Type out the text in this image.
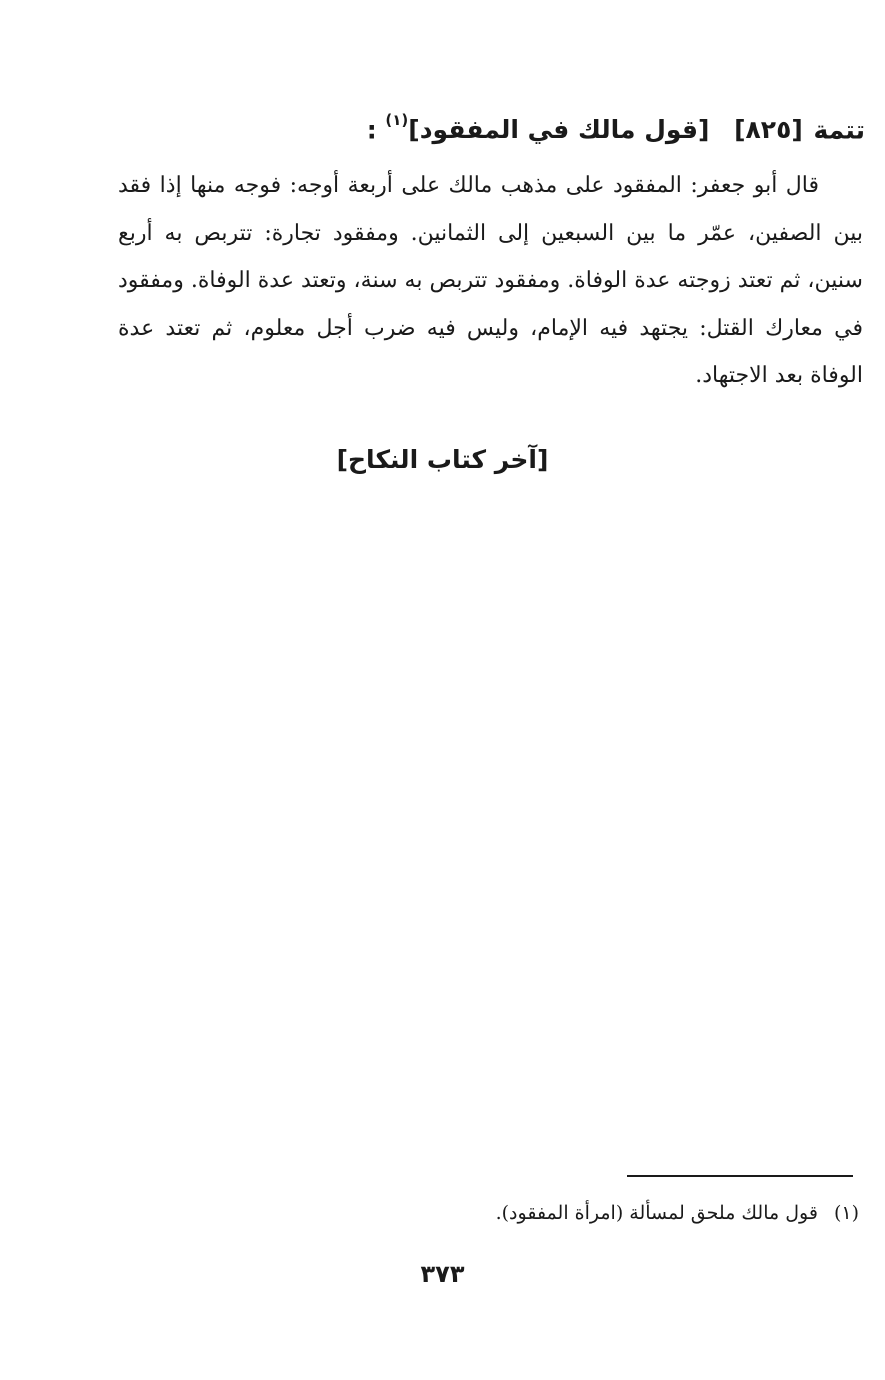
تتمة [٨٢٥] [قول مالك في المفقود]$^{(١)}$ :

قال أبو جعفر: المفقود على مذهب مالك على أربعة أوجه: فوجه منها إذا فقد بين الصفين، عمّر ما بين السبعين إلى الثمانين. ومفقود تجارة: تتربص به أربع سنين، ثم تعتد زوجته عدة الوفاة. ومفقود تتربص به سنة، وتعتد عدة الوفاة. ومفقود في معارك القتل: يجتهد فيه الإمام، وليس فيه ضرب أجل معلوم، ثم تعتد عدة الوفاة بعد الاجتهاد.

[آخر كتاب النكاح]
(١)قول مالك ملحق لمسألة (امرأة المفقود).
٣٧٣
